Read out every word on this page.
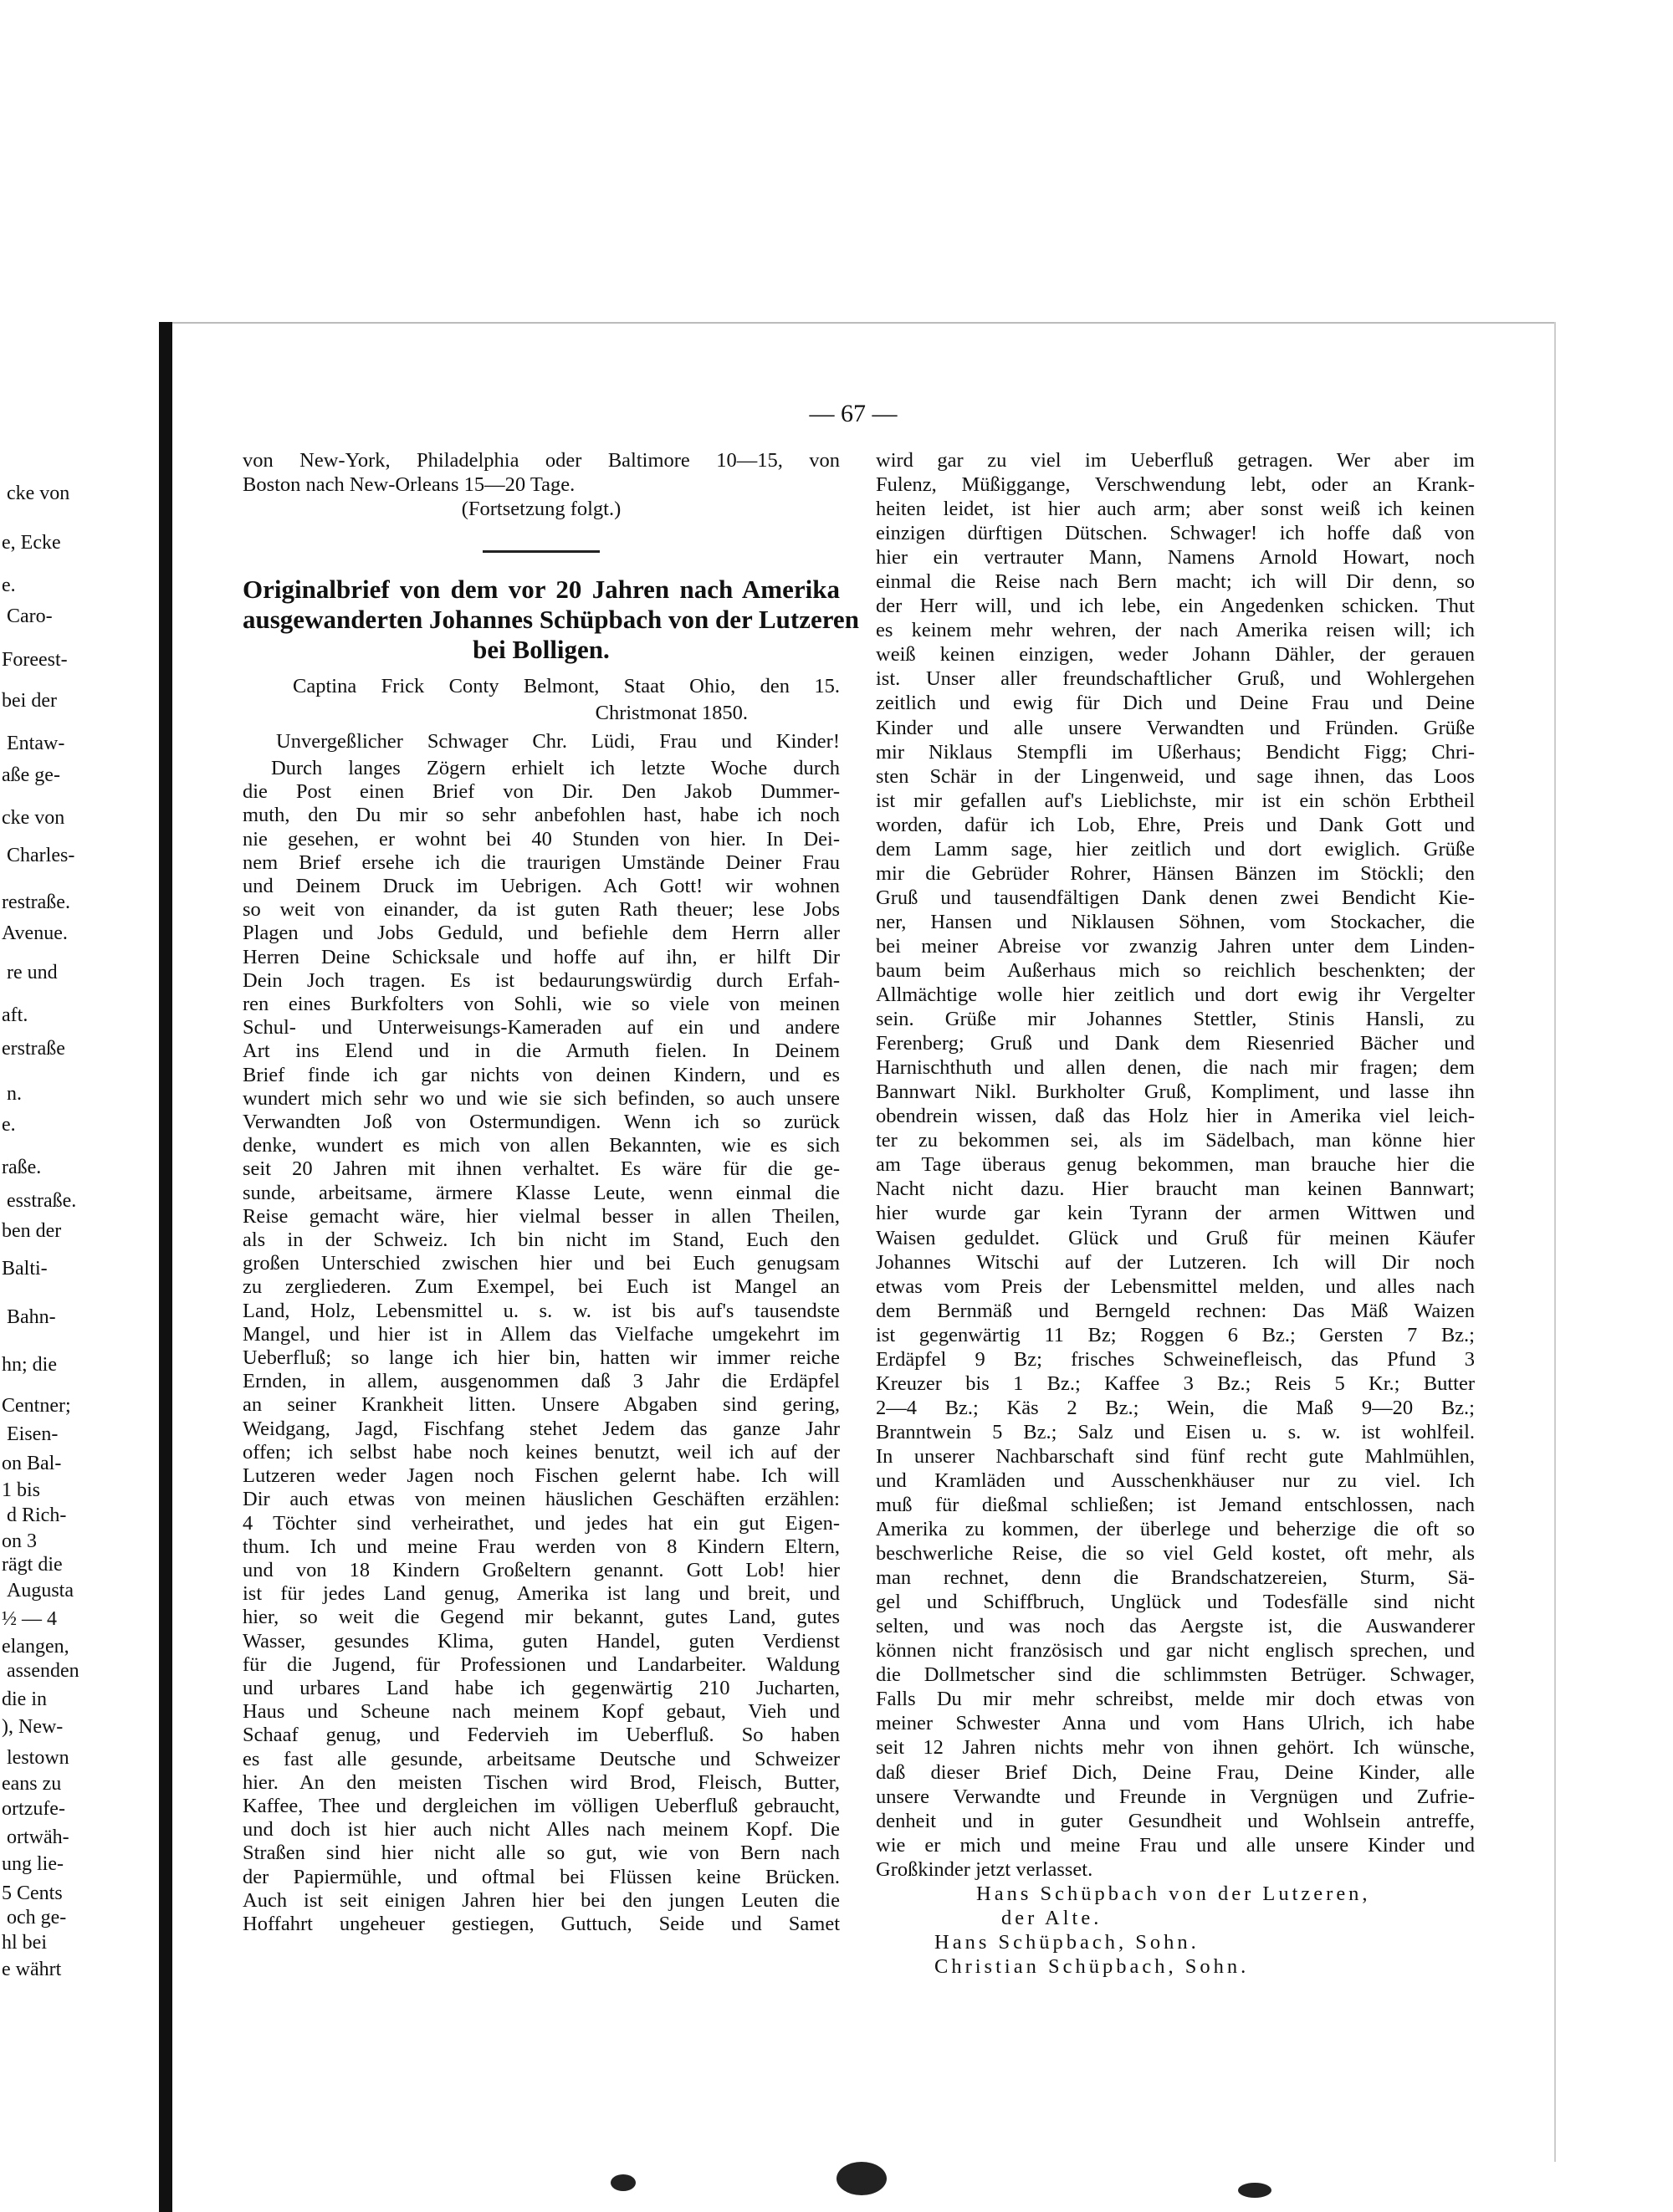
cke von
e, Ecke
e.
Caro-
Foreest-
bei der
Entaw-
aße ge-
cke von
Charles-
restraße.
Avenue.
re und
aft.
erstraße
n.
e.
raße.
esstraße.
ben der
Balti-
Bahn-
hn; die
Centner;
Eisen-
on Bal-
1 bis
d Rich-
on 3
rägt die
Augusta
½ — 4
elangen,
assenden
die in
), New-
lestown
eans zu
ortzufe-
ortwäh-
ung lie-
5 Cents
och ge-
hl bei
e währt
— 67 —
von New-York, Philadelphia oder Baltimore 10—15, von
Boston nach New-Orleans 15—20 Tage.
(Fortsetzung folgt.)
Originalbrief von dem vor 20 Jahren nach Amerika
ausgewanderten Johannes Schüpbach von der Lutzeren
bei Bolligen.
Captina Frick Conty Belmont, Staat Ohio, den 15.
Christmonat 1850.
Unvergeßlicher Schwager Chr. Lüdi, Frau und Kinder!
Durch langes Zögern erhielt ich letzte Woche durch
die Post einen Brief von Dir. Den Jakob Dummer-
muth, den Du mir so sehr anbefohlen hast, habe ich noch
nie gesehen, er wohnt bei 40 Stunden von hier. In Dei-
nem Brief ersehe ich die traurigen Umstände Deiner Frau
und Deinem Druck im Uebrigen. Ach Gott! wir wohnen
so weit von einander, da ist guten Rath theuer; lese Jobs
Plagen und Jobs Geduld, und befiehle dem Herrn aller
Herren Deine Schicksale und hoffe auf ihn, er hilft Dir
Dein Joch tragen. Es ist bedaurungswürdig durch Erfah-
ren eines Burkfolters von Sohli, wie so viele von meinen
Schul- und Unterweisungs-Kameraden auf ein und andere
Art ins Elend und in die Armuth fielen. In Deinem
Brief finde ich gar nichts von deinen Kindern, und es
wundert mich sehr wo und wie sie sich befinden, so auch unsere
Verwandten Joß von Ostermundigen. Wenn ich so zurück
denke, wundert es mich von allen Bekannten, wie es sich
seit 20 Jahren mit ihnen verhaltet. Es wäre für die ge-
sunde, arbeitsame, ärmere Klasse Leute, wenn einmal die
Reise gemacht wäre, hier vielmal besser in allen Theilen,
als in der Schweiz. Ich bin nicht im Stand, Euch den
großen Unterschied zwischen hier und bei Euch genugsam
zu zergliederen. Zum Exempel, bei Euch ist Mangel an
Land, Holz, Lebensmittel u. s. w. ist bis auf's tausendste
Mangel, und hier ist in Allem das Vielfache umgekehrt im
Ueberfluß; so lange ich hier bin, hatten wir immer reiche
Ernden, in allem, ausgenommen daß 3 Jahr die Erdäpfel
an seiner Krankheit litten. Unsere Abgaben sind gering,
Weidgang, Jagd, Fischfang stehet Jedem das ganze Jahr
offen; ich selbst habe noch keines benutzt, weil ich auf der
Lutzeren weder Jagen noch Fischen gelernt habe. Ich will
Dir auch etwas von meinen häuslichen Geschäften erzählen:
4 Töchter sind verheirathet, und jedes hat ein gut Eigen-
thum. Ich und meine Frau werden von 8 Kindern Eltern,
und von 18 Kindern Großeltern genannt. Gott Lob! hier
ist für jedes Land genug, Amerika ist lang und breit, und
hier, so weit die Gegend mir bekannt, gutes Land, gutes
Wasser, gesundes Klima, guten Handel, guten Verdienst
für die Jugend, für Professionen und Landarbeiter. Waldung
und urbares Land habe ich gegenwärtig 210 Jucharten,
Haus und Scheune nach meinem Kopf gebaut, Vieh und
Schaaf genug, und Federvieh im Ueberfluß. So haben
es fast alle gesunde, arbeitsame Deutsche und Schweizer
hier. An den meisten Tischen wird Brod, Fleisch, Butter,
Kaffee, Thee und dergleichen im völligen Ueberfluß gebraucht,
und doch ist hier auch nicht Alles nach meinem Kopf. Die
Straßen sind hier nicht alle so gut, wie von Bern nach
der Papiermühle, und oftmal bei Flüssen keine Brücken.
Auch ist seit einigen Jahren hier bei den jungen Leuten die
Hoffahrt ungeheuer gestiegen, Guttuch, Seide und Samet
wird gar zu viel im Ueberfluß getragen. Wer aber im
Fulenz, Müßiggange, Verschwendung lebt, oder an Krank-
heiten leidet, ist hier auch arm; aber sonst weiß ich keinen
einzigen dürftigen Dütschen. Schwager! ich hoffe daß von
hier ein vertrauter Mann, Namens Arnold Howart, noch
einmal die Reise nach Bern macht; ich will Dir denn, so
der Herr will, und ich lebe, ein Angedenken schicken. Thut
es keinem mehr wehren, der nach Amerika reisen will; ich
weiß keinen einzigen, weder Johann Dähler, der gerauen
ist. Unser aller freundschaftlicher Gruß, und Wohlergehen
zeitlich und ewig für Dich und Deine Frau und Deine
Kinder und alle unsere Verwandten und Fründen. Grüße
mir Niklaus Stempfli im Ußerhaus; Bendicht Figg; Chri-
sten Schär in der Lingenweid, und sage ihnen, das Loos
ist mir gefallen auf's Lieblichste, mir ist ein schön Erbtheil
worden, dafür ich Lob, Ehre, Preis und Dank Gott und
dem Lamm sage, hier zeitlich und dort ewiglich. Grüße
mir die Gebrüder Rohrer, Hänsen Bänzen im Stöckli; den
Gruß und tausendfältigen Dank denen zwei Bendicht Kie-
ner, Hansen und Niklausen Söhnen, vom Stockacher, die
bei meiner Abreise vor zwanzig Jahren unter dem Linden-
baum beim Außerhaus mich so reichlich beschenkten; der
Allmächtige wolle hier zeitlich und dort ewig ihr Vergelter
sein. Grüße mir Johannes Stettler, Stinis Hansli, zu
Ferenberg; Gruß und Dank dem Riesenried Bächer und
Harnischthuth und allen denen, die nach mir fragen; dem
Bannwart Nikl. Burkholter Gruß, Kompliment, und lasse ihn
obendrein wissen, daß das Holz hier in Amerika viel leich-
ter zu bekommen sei, als im Sädelbach, man könne hier
am Tage überaus genug bekommen, man brauche hier die
Nacht nicht dazu. Hier braucht man keinen Bannwart;
hier wurde gar kein Tyrann der armen Wittwen und
Waisen geduldet. Glück und Gruß für meinen Käufer
Johannes Witschi auf der Lutzeren. Ich will Dir noch
etwas vom Preis der Lebensmittel melden, und alles nach
dem Bernmäß und Berngeld rechnen: Das Mäß Waizen
ist gegenwärtig 11 Bz; Roggen 6 Bz.; Gersten 7 Bz.;
Erdäpfel 9 Bz; frisches Schweinefleisch, das Pfund 3
Kreuzer bis 1 Bz.; Kaffee 3 Bz.; Reis 5 Kr.; Butter
2—4 Bz.; Käs 2 Bz.; Wein, die Maß 9—20 Bz.;
Branntwein 5 Bz.; Salz und Eisen u. s. w. ist wohlfeil.
In unserer Nachbarschaft sind fünf recht gute Mahlmühlen,
und Kramläden und Ausschenkhäuser nur zu viel. Ich
muß für dießmal schließen; ist Jemand entschlossen, nach
Amerika zu kommen, der überlege und beherzige die oft so
beschwerliche Reise, die so viel Geld kostet, oft mehr, als
man rechnet, denn die Brandschatzereien, Sturm, Sä-
gel und Schiffbruch, Unglück und Todesfälle sind nicht
selten, und was noch das Aergste ist, die Auswanderer
können nicht französisch und gar nicht englisch sprechen, und
die Dollmetscher sind die schlimmsten Betrüger. Schwager,
Falls Du mir mehr schreibst, melde mir doch etwas von
meiner Schwester Anna und vom Hans Ulrich, ich habe
seit 12 Jahren nichts mehr von ihnen gehört. Ich wünsche,
daß dieser Brief Dich, Deine Frau, Deine Kinder, alle
unsere Verwandte und Freunde in Vergnügen und Zufrie-
denheit und in guter Gesundheit und Wohlsein antreffe,
wie er mich und meine Frau und alle unsere Kinder und
Großkinder jetzt verlasset.
Hans Schüpbach von der Lutzeren,
der Alte.
Hans Schüpbach, Sohn.
Christian Schüpbach, Sohn.
